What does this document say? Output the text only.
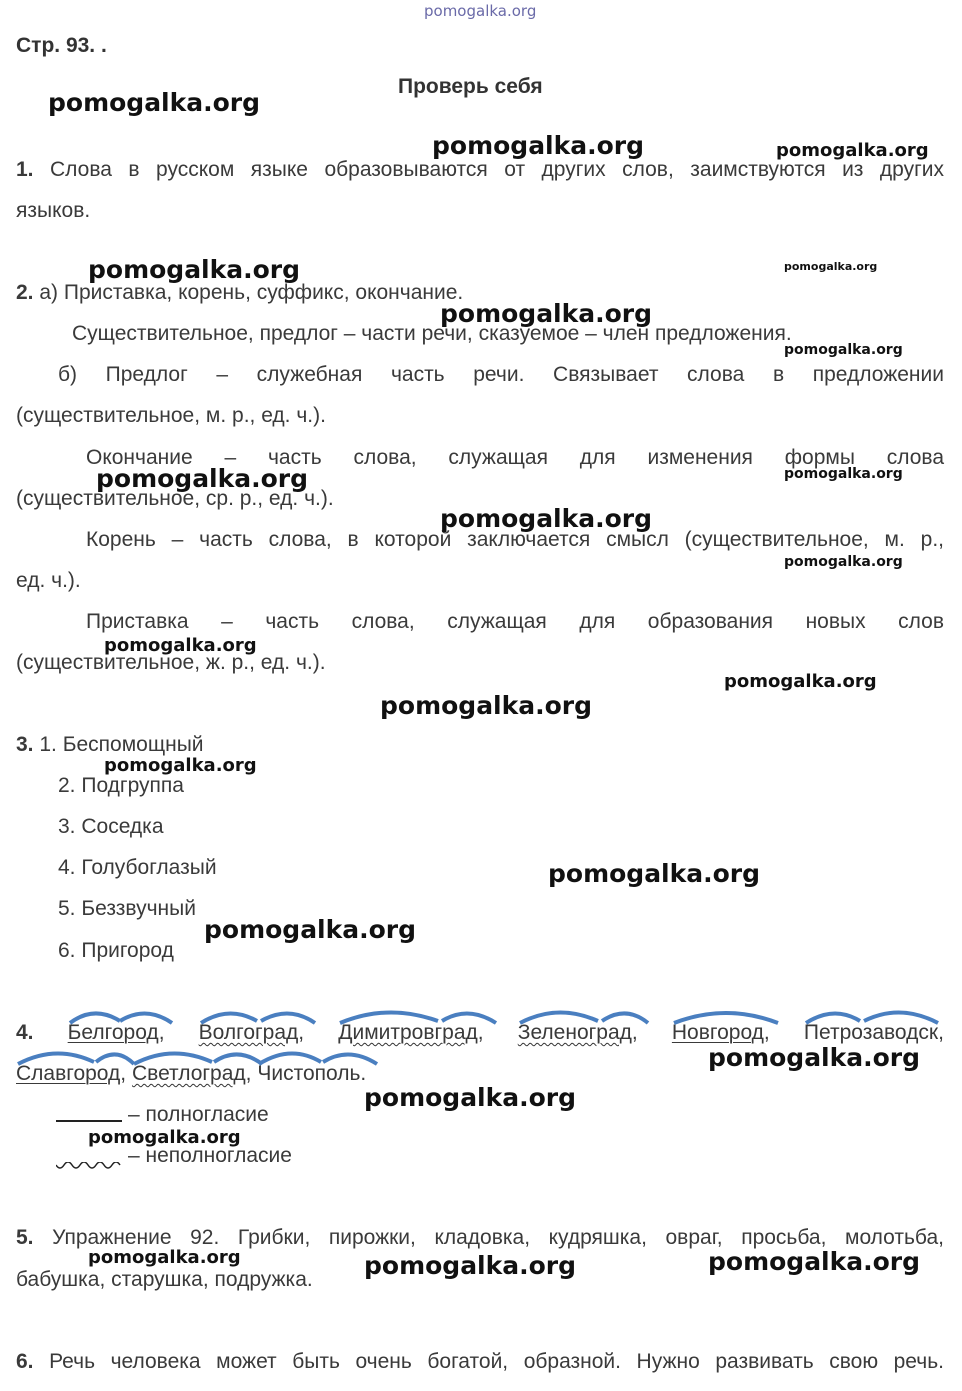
pomogalka.org
Стр. 93. .
Проверь себя
1. Слова в русском языке образовываются от других слов, заимствуются из других
языков.
2. а) Приставка, корень, суффикс, окончание.
Существительное, предлог – части речи, сказуемое – член предложения.
б) Предлог – служебная часть речи. Связывает слова в предложении
(существительное, м. р., ед. ч.).
Окончание – часть слова, служащая для изменения формы слова
(существительное, ср. р., ед. ч.).
Корень – часть слова, в которой заключается смысл (существительное, м. р.,
ед. ч.).
Приставка – часть слова, служащая для образования новых слов
(существительное, ж. р., ед. ч.).
3. 1. Беспомощный
2. Подгруппа
3. Соседка
4. Голубоглазый
5. Беззвучный
6. Пригород
4. Белгород, Волгоград, Димитровград, Зеленоград, Новгород, Петрозаводск,
Славгород, Светлоград, Чистополь.
– полногласие
– неполногласие
5. Упражнение 92. Грибки, пирожки, кладовка, кудряшка, овраг, просьба, молотьба,
бабушка, старушка, подружка.
6. Речь человека может быть очень богатой, образной. Нужно развивать свою речь.
pomogalka.org
pomogalka.org	pomogalka.org
pomogalka.org	pomogalka.org
pomogalka.org
pomogalka.org
pomogalka.org	pomogalka.org
pomogalka.org
pomogalka.org
pomogalka.org
pomogalka.org
pomogalka.org
pomogalka.org
pomogalka.org
pomogalka.org
pomogalka.org
pomogalka.org
pomogalka.org
pomogalka.org	pomogalka.org	pomogalka.org
